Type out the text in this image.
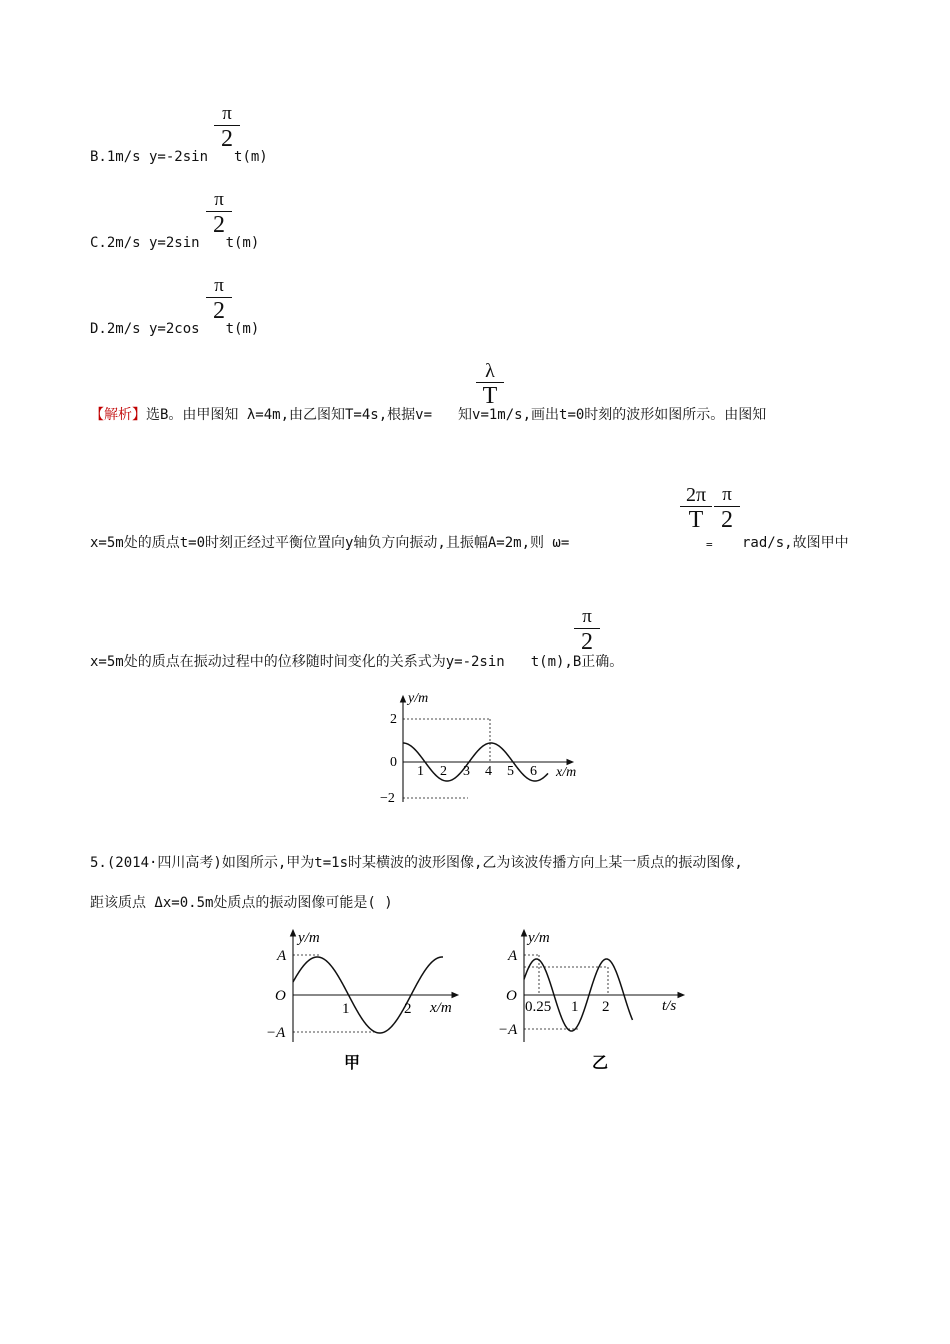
π
2
B.1m/s y=-2sin t(m)
π
2
C.2m/s y=2sin t(m)
π
2
D.2m/s y=2cos t(m)
λ
T
【解析】选B。由甲图知 λ=4m,由乙图知T=4s,根据v= 知v=1m/s,画出t=0时刻的波形如图所示。由图知
2π
T
π
2
x=5m处的质点t=0时刻正经过平衡位置向y轴负方向振动,且振幅A=2m,则 ω=	= rad/s,故图甲中
π
2
x=5m处的质点在振动过程中的位移随时间变化的关系式为y=-2sin t(m),B正确。
y/m
x/m
0
2
−2
1 2 3 4 5 6
5.(2014·四川高考)如图所示,甲为t=1s时某横波的波形图像,乙为该波传播方向上某一质点的振动图像,
距该质点 Δx=0.5m处质点的振动图像可能是( )
y/m
x/m
O
A
−A
1	2
甲
y/m
t/s
O
A
−A
0.25 1 2
乙
